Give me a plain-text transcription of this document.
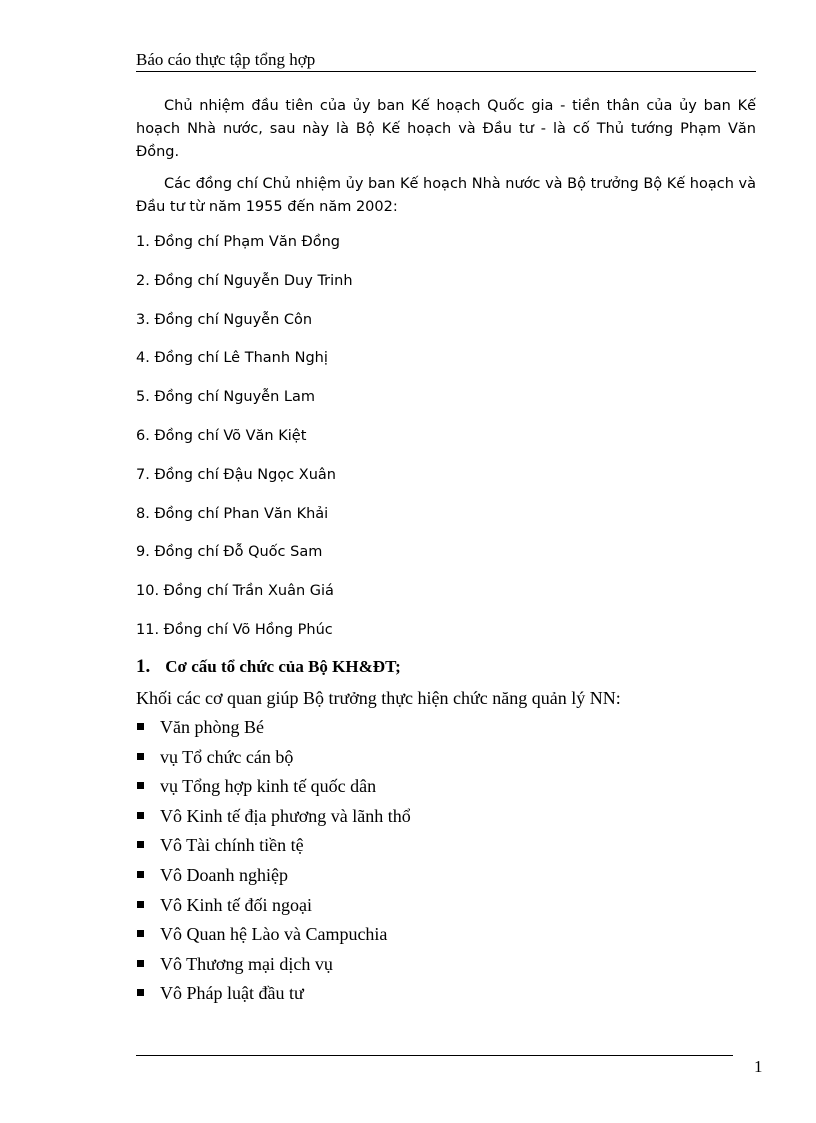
Báo cáo thực tập tổng hợp

Chủ nhiệm đầu tiên của ủy ban Kế hoạch Quốc gia - tiền thân của ủy ban Kế hoạch Nhà nước, sau này là Bộ Kế hoạch và Đầu tư - là cố Thủ tướng Phạm Văn Đồng.

Các đồng chí Chủ nhiệm ủy ban Kế hoạch Nhà nước và Bộ trưởng Bộ Kế hoạch và Đầu tư từ năm 1955 đến năm 2002:

1. Đồng chí Phạm Văn Đồng
2. Đồng chí Nguyễn Duy Trinh
3. Đồng chí Nguyễn Côn
4. Đồng chí Lê Thanh Nghị
5. Đồng chí Nguyễn Lam
6. Đồng chí Võ Văn Kiệt
7. Đồng chí Đậu Ngọc Xuân
8. Đồng chí Phan Văn Khải
9. Đồng chí Đỗ Quốc Sam
10. Đồng chí Trần Xuân Giá
11. Đồng chí Võ Hồng Phúc
1. Cơ cấu tổ chức của Bộ KH&ĐT;
Khối các cơ quan giúp Bộ trưởng thực hiện chức năng quản lý NN:
Văn phòng Bé
vụ Tổ chức cán bộ
vụ Tổng hợp kinh tế quốc dân
Vô Kinh tế địa phương và lãnh thổ
Vô Tài chính tiền tệ
Vô Doanh nghiệp
Vô Kinh tế đối ngoại
Vô Quan hệ Lào và Campuchia
Vô Thương mại dịch vụ
Vô Pháp luật đầu tư
1
